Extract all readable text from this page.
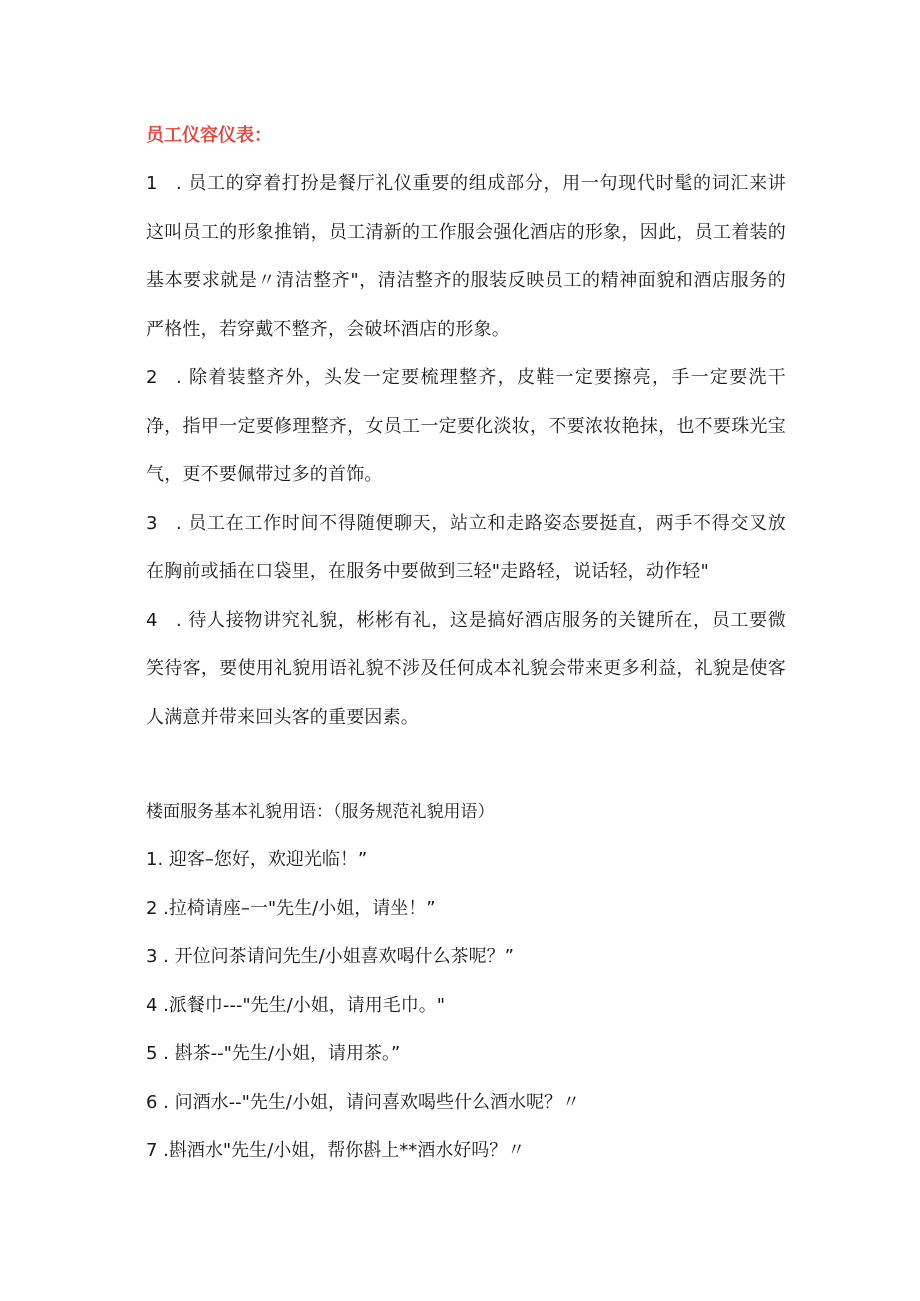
员工仪容仪表：

1 . 员工的穿着打扮是餐厅礼仪重要的组成部分，用一句现代时髦的词汇来讲这叫员工的形象推销，员工清新的工作服会强化酒店的形象，因此，员工着装的基本要求就是〃清洁整齐"，清洁整齐的服装反映员工的精神面貌和酒店服务的严格性，若穿戴不整齐，会破坏酒店的形象。

2 . 除着装整齐外，头发一定要梳理整齐，皮鞋一定要擦亮，手一定要洗干净，指甲一定要修理整齐，女员工一定要化淡妆，不要浓妆艳抹，也不要珠光宝气，更不要佩带过多的首饰。

3 . 员工在工作时间不得随便聊天，站立和走路姿态要挺直，两手不得交叉放在胸前或插在口袋里，在服务中要做到三轻"走路轻，说话轻，动作轻"

4 . 待人接物讲究礼貌，彬彬有礼，这是搞好酒店服务的关键所在，员工要微笑待客，要使用礼貌用语礼貌不涉及任何成本礼貌会带来更多利益，礼貌是使客人满意并带来回头客的重要因素。

楼面服务基本礼貌用语：（服务规范礼貌用语）

1. 迎客–您好，欢迎光临！”

2 .拉椅请座–一"先生/小姐，请坐！”

3 . 开位问茶请问先生/小姐喜欢喝什么茶呢？”

4 .派餐巾---"先生/小姐，请用毛巾。"

5 . 斟茶--"先生/小姐，请用茶。”

6 . 问酒水--"先生/小姐，请问喜欢喝些什么酒水呢？〃

7 .斟酒水"先生/小姐，帮你斟上**酒水好吗？〃
